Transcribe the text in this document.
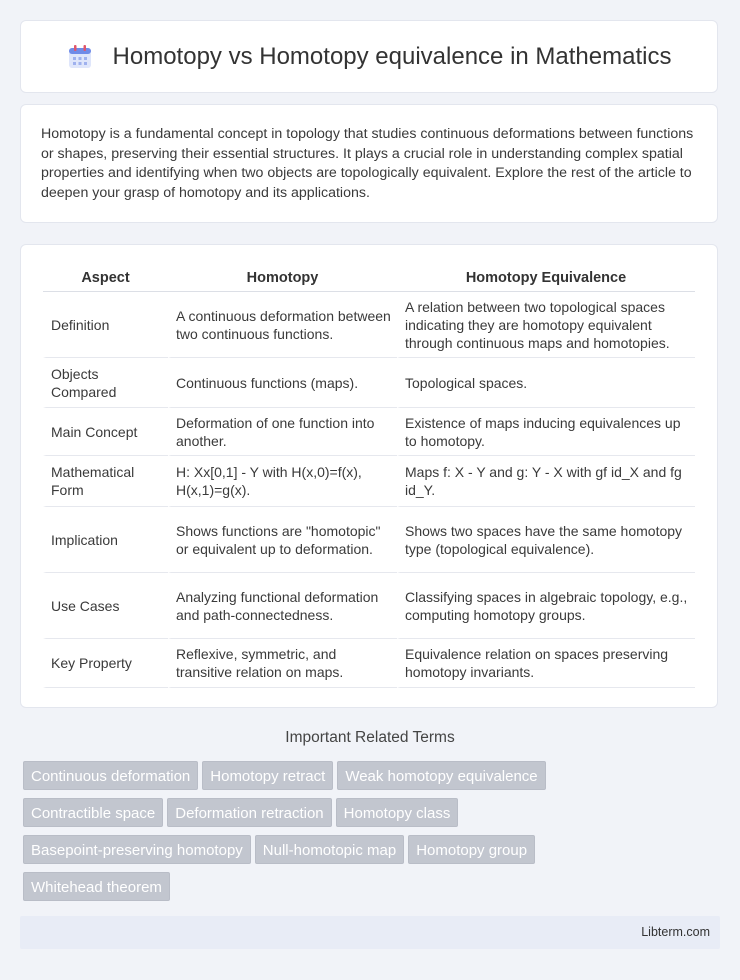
Homotopy vs Homotopy equivalence in Mathematics

Homotopy is a fundamental concept in topology that studies continuous deformations between functions or shapes, preserving their essential structures. It plays a crucial role in understanding complex spatial properties and identifying when two objects are topologically equivalent. Explore the rest of the article to deepen your grasp of homotopy and its applications.

Aspect	Homotopy	Homotopy Equivalence
Definition	A continuous deformation between two continuous functions.	A relation between two topological spaces indicating they are homotopy equivalent through continuous maps and homotopies.
Objects Compared	Continuous functions (maps).	Topological spaces.
Main Concept	Deformation of one function into another.	Existence of maps inducing equivalences up to homotopy.
Mathematical Form	H: Xx[0,1] - Y with H(x,0)=f(x), H(x,1)=g(x).	Maps f: X - Y and g: Y - X with gf id_X and fg id_Y.
Implication	Shows functions are "homotopic" or equivalent up to deformation.	Shows two spaces have the same homotopy type (topological equivalence).
Use Cases	Analyzing functional deformation and path-connectedness.	Classifying spaces in algebraic topology, e.g., computing homotopy groups.
Key Property	Reflexive, symmetric, and transitive relation on maps.	Equivalence relation on spaces preserving homotopy invariants.
Important Related Terms
Continuous deformation Homotopy retract Weak homotopy equivalence
Contractible space Deformation retraction Homotopy class
Basepoint-preserving homotopy Null-homotopic map Homotopy group
Whitehead theorem
Libterm.com
